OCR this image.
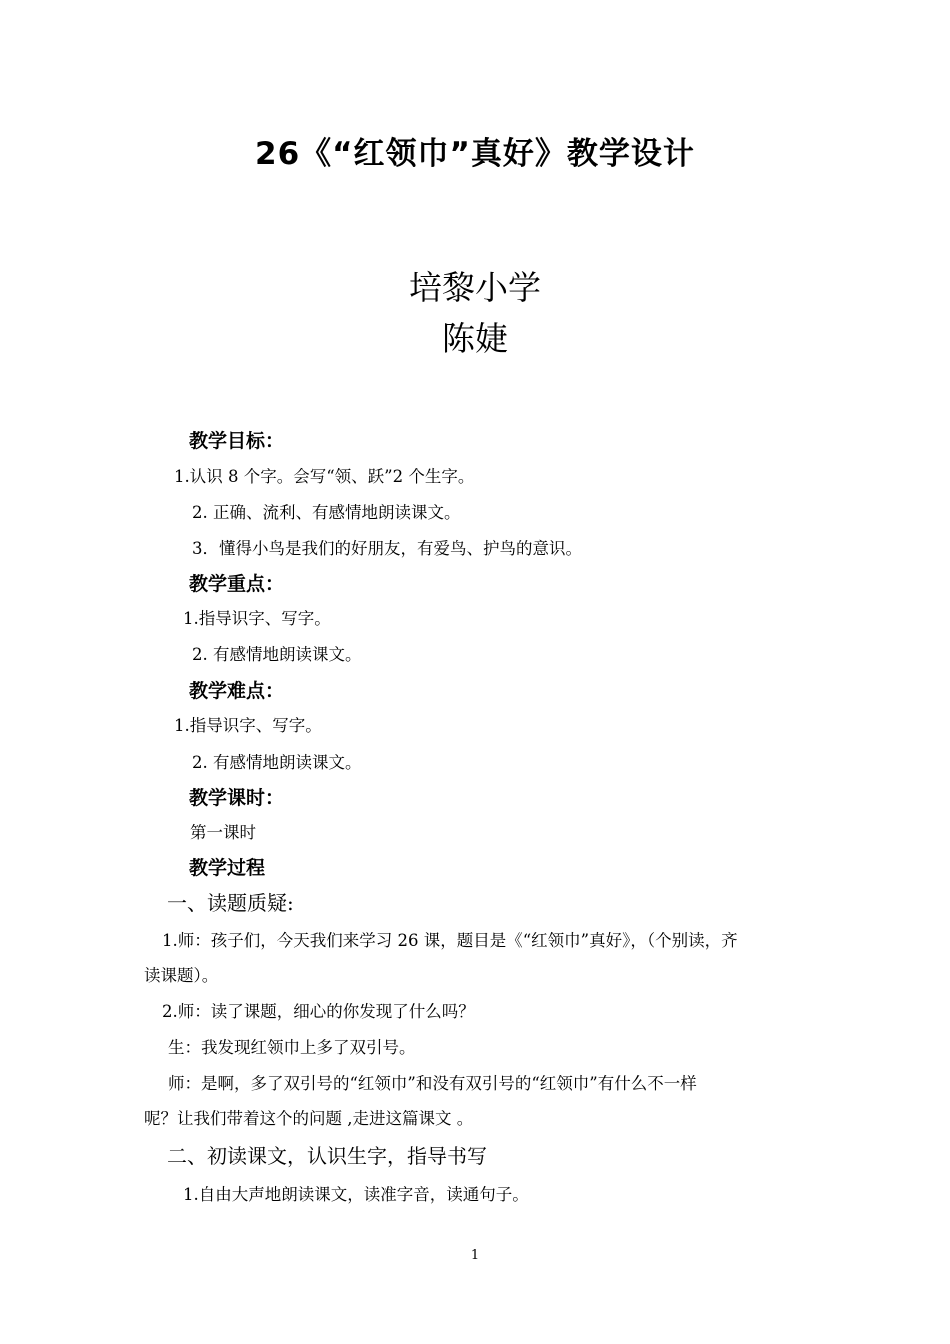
26《“红领巾”真好》教学设计
培黎小学
陈婕
教学目标：
1.认识 8 个字。会写“领、跃”2 个生字。
2. 正确、流利、有感情地朗读课文。
3．懂得小鸟是我们的好朋友，有爱鸟、护鸟的意识。
教学重点：
1.指导识字、写字。
2. 有感情地朗读课文。
教学难点：
1.指导识字、写字。
2. 有感情地朗读课文。
教学课时：
第一课时
教学过程
一、读题质疑:
1.师：孩子们，今天我们来学习 26 课，题目是《“红领巾”真好》，（个别读，齐
读课题）。
2.师：读了课题，细心的你发现了什么吗？
生：我发现红领巾上多了双引号。
师：是啊，多了双引号的“红领巾”和没有双引号的“红领巾”有什么不一样
呢？让我们带着这个的问题 ,走进这篇课文 。
二、初读课文，认识生字，指导书写
1.自由大声地朗读课文，读准字音，读通句子。
1
